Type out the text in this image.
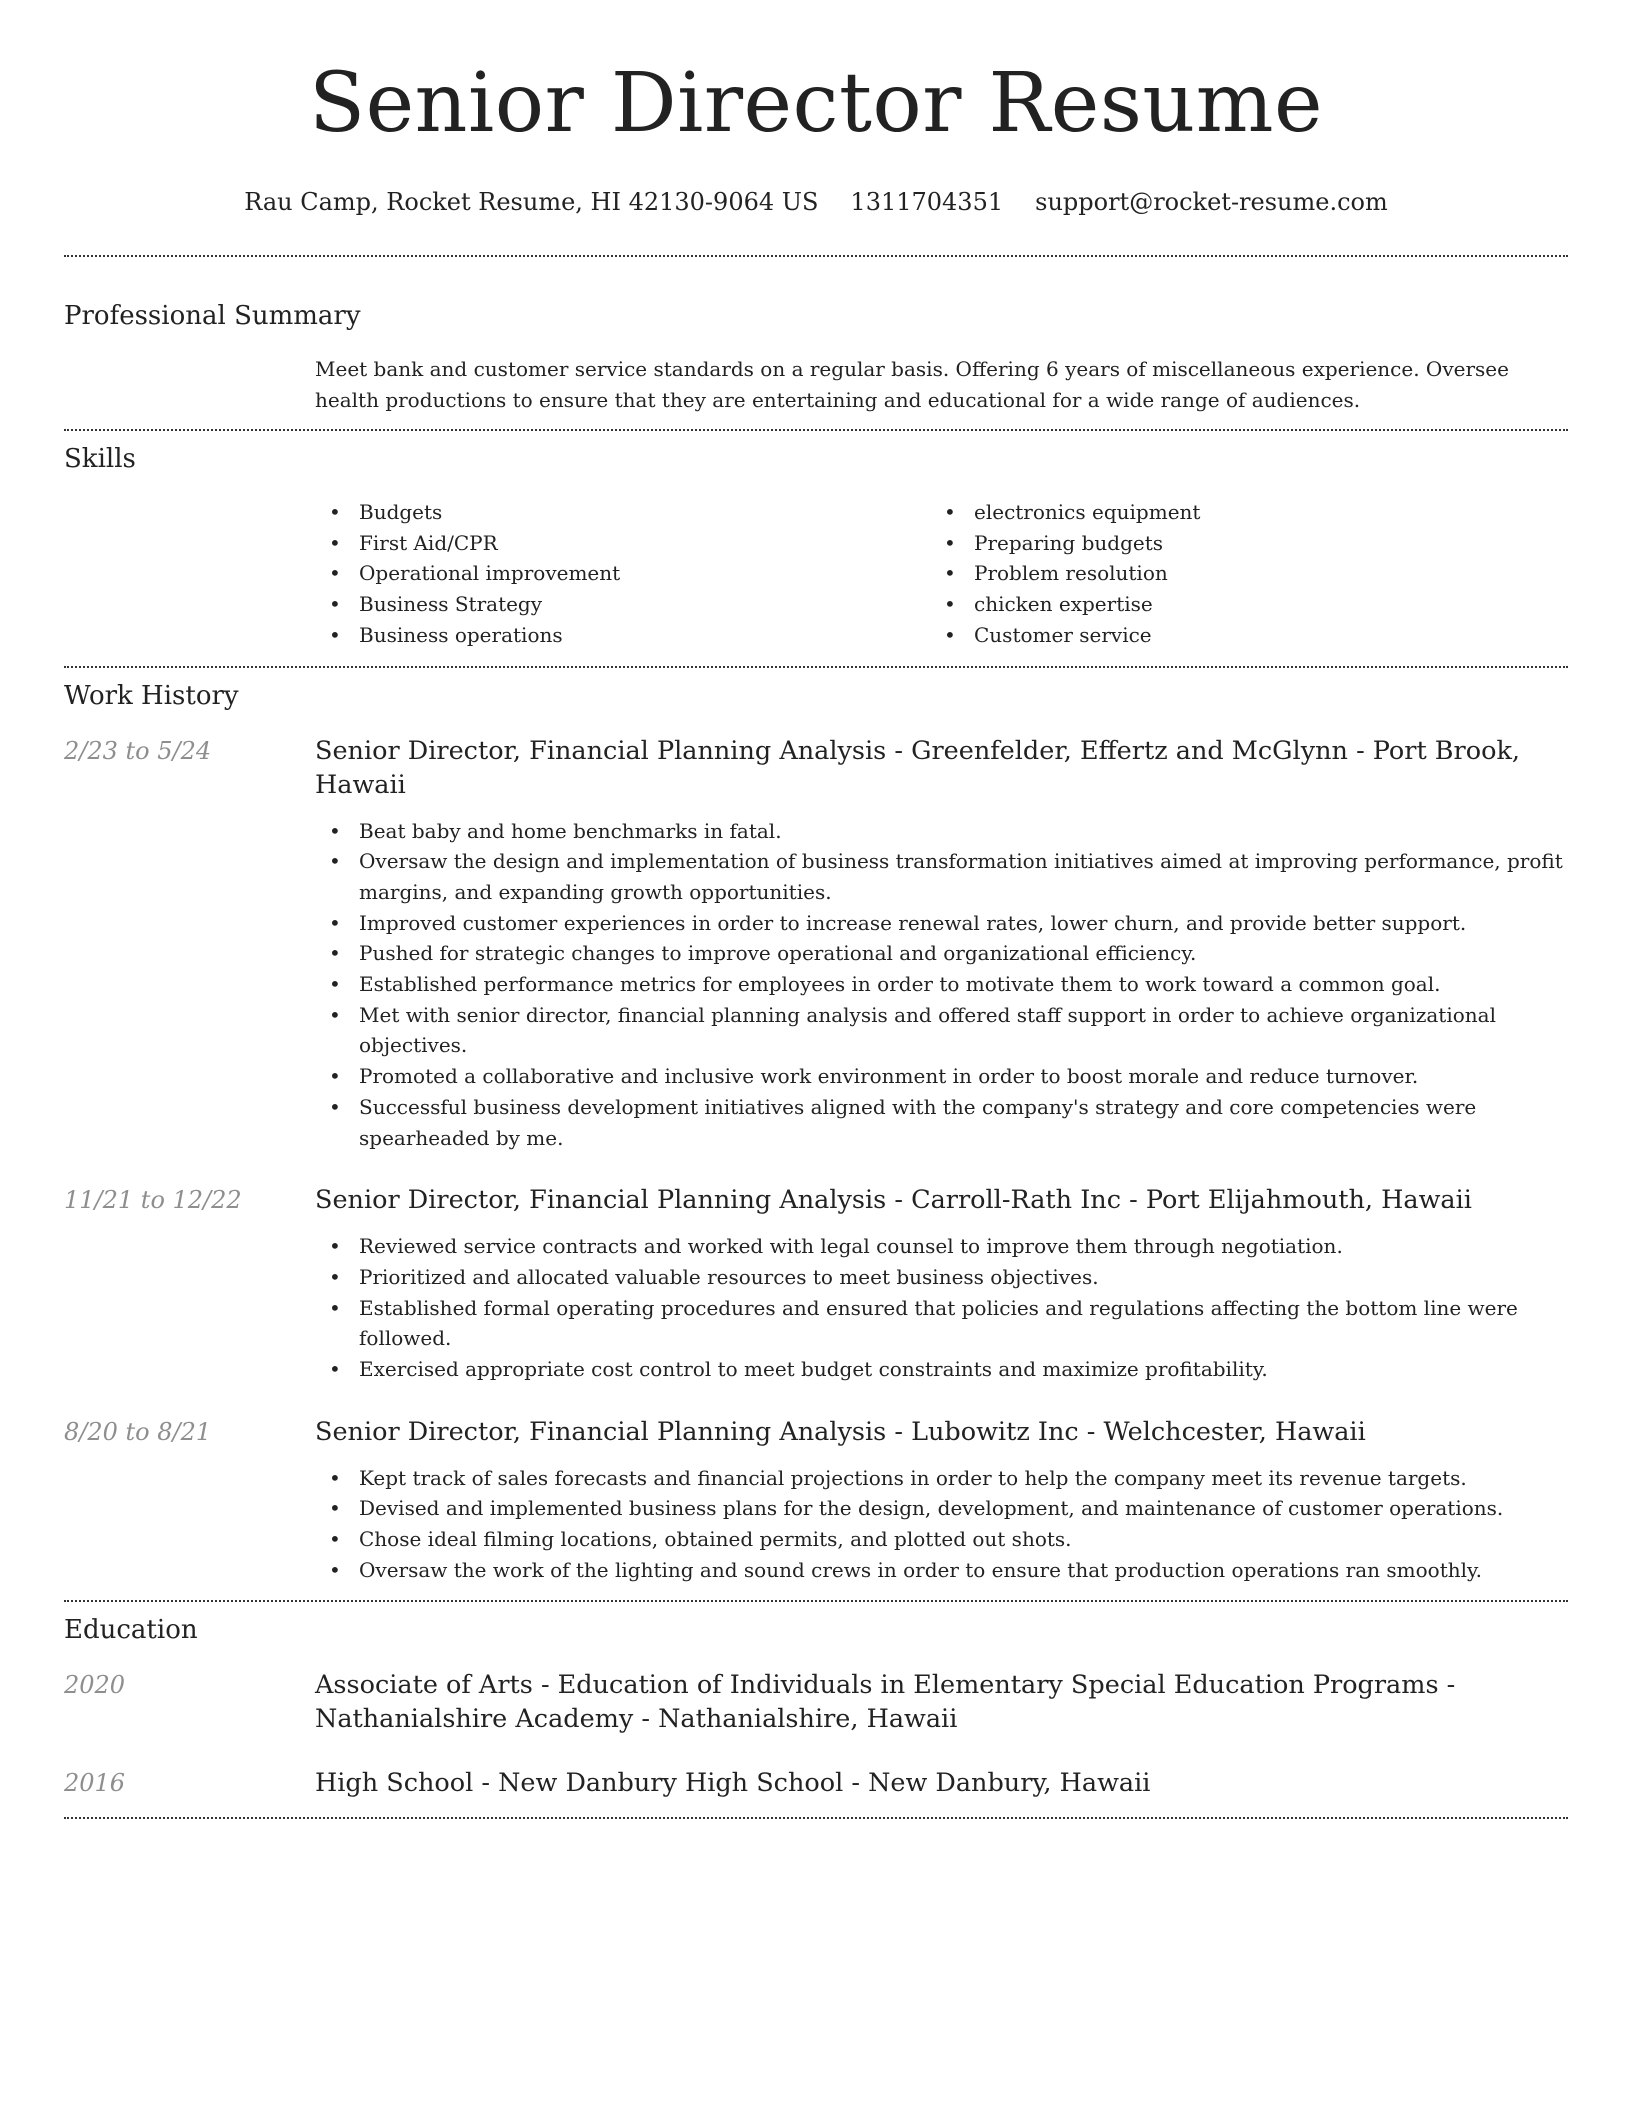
Senior Director Resume
Rau Camp, Rocket Resume, HI 42130-9064 US 1311704351 support@rocket-resume.com
Professional Summary

Meet bank and customer service standards on a regular basis. Offering 6 years of miscellaneous experience. Oversee health productions to ensure that they are entertaining and educational for a wide range of audiences.

Skills
• Budgets
• First Aid/CPR
• Operational improvement
• Business Strategy
• Business operations
• electronics equipment
• Preparing budgets
• Problem resolution
• chicken expertise
• Customer service
Work History
2/23 to 5/24	Senior Director, Financial Planning Analysis - Greenfelder, Effertz and McGlynn - Port Brook, Hawaii
• Beat baby and home benchmarks in fatal.
• Oversaw the design and implementation of business transformation initiatives aimed at improving performance, profit margins, and expanding growth opportunities.
• Improved customer experiences in order to increase renewal rates, lower churn, and provide better support.
• Pushed for strategic changes to improve operational and organizational efficiency.
• Established performance metrics for employees in order to motivate them to work toward a common goal.
• Met with senior director, financial planning analysis and offered staff support in order to achieve organizational objectives.
• Promoted a collaborative and inclusive work environment in order to boost morale and reduce turnover.
• Successful business development initiatives aligned with the company's strategy and core competencies were spearheaded by me.
11/21 to 12/22	Senior Director, Financial Planning Analysis - Carroll-Rath Inc - Port Elijahmouth, Hawaii
• Reviewed service contracts and worked with legal counsel to improve them through negotiation.
• Prioritized and allocated valuable resources to meet business objectives.
• Established formal operating procedures and ensured that policies and regulations affecting the bottom line were followed.
• Exercised appropriate cost control to meet budget constraints and maximize profitability.
8/20 to 8/21	Senior Director, Financial Planning Analysis - Lubowitz Inc - Welchcester, Hawaii
• Kept track of sales forecasts and financial projections in order to help the company meet its revenue targets.
• Devised and implemented business plans for the design, development, and maintenance of customer operations.
• Chose ideal filming locations, obtained permits, and plotted out shots.
• Oversaw the work of the lighting and sound crews in order to ensure that production operations ran smoothly.
Education
2020	Associate of Arts - Education of Individuals in Elementary Special Education Programs - Nathanialshire Academy - Nathanialshire, Hawaii
2016	High School - New Danbury High School - New Danbury, Hawaii
